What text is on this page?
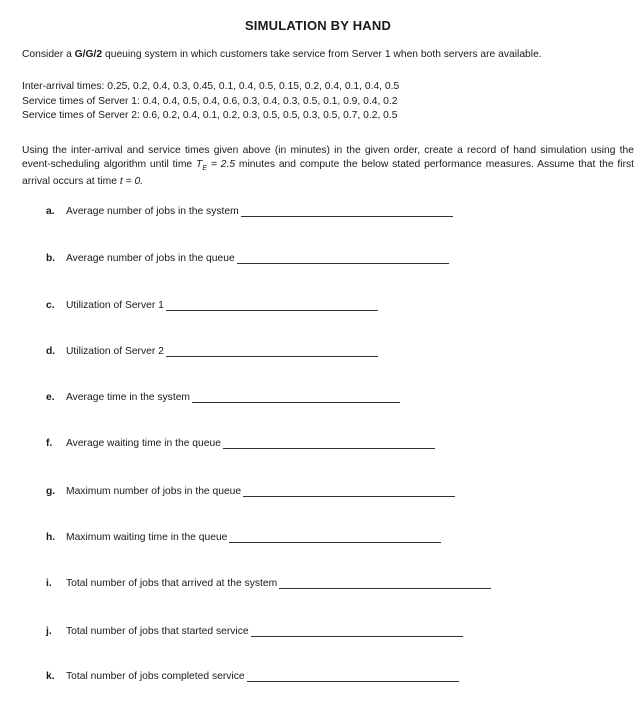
SIMULATION BY HAND
Consider a G/G/2 queuing system in which customers take service from Server 1 when both servers are available.
Inter-arrival times: 0.25, 0.2, 0.4, 0.3, 0.45, 0.1, 0.4, 0.5, 0.15, 0.2, 0.4, 0.1, 0.4, 0.5
Service times of Server 1: 0.4, 0.4, 0.5, 0.4, 0.6, 0.3, 0.4, 0.3, 0.5, 0.1, 0.9, 0.4, 0.2
Service times of Server 2: 0.6, 0.2, 0.4, 0.1, 0.2, 0.3, 0.5, 0.5, 0.3, 0.5, 0.7, 0.2, 0.5
Using the inter-arrival and service times given above (in minutes) in the given order, create a record of hand simulation using the event-scheduling algorithm until time $T_E = 2.5$ minutes and compute the below stated performance measures. Assume that the first arrival occurs at time t = 0.
a.	Average number of jobs in the system
b.	Average number of jobs in the queue
c.	Utilization of Server 1
d.	Utilization of Server 2
e.	Average time in the system
f.	Average waiting time in the queue
g.	Maximum number of jobs in the queue
h.	Maximum waiting time in the queue
i.	Total number of jobs that arrived at the system
j.	Total number of jobs that started service
k.	Total number of jobs completed service
